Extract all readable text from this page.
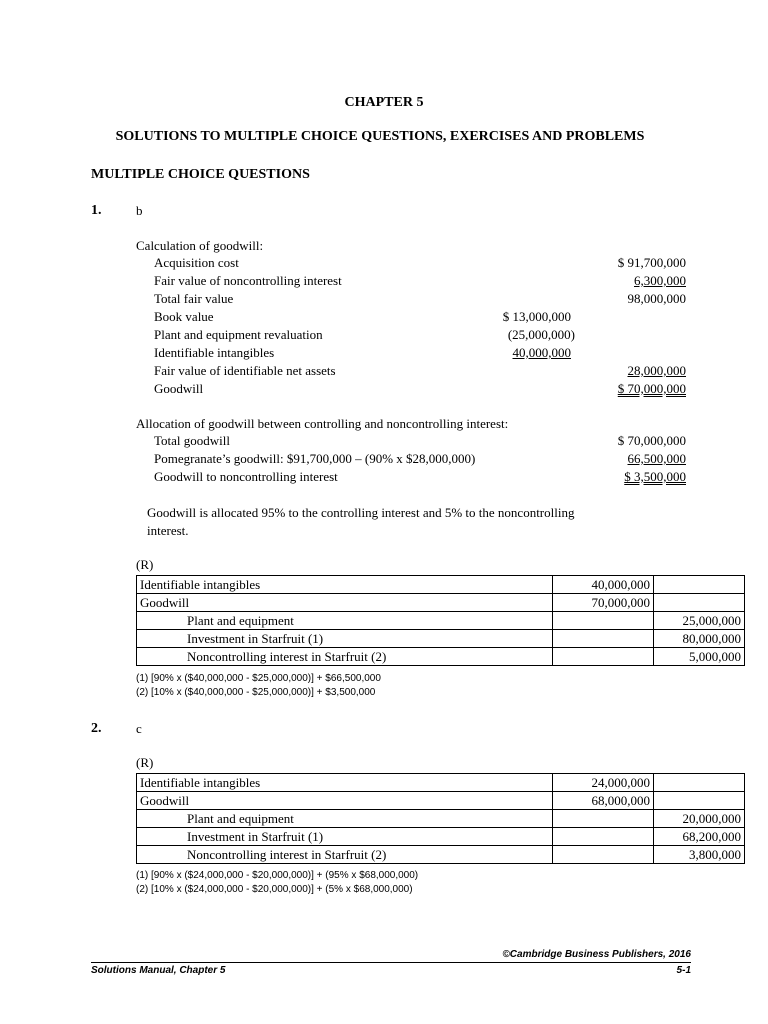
CHAPTER 5
SOLUTIONS TO MULTIPLE CHOICE QUESTIONS, EXERCISES AND PROBLEMS
MULTIPLE CHOICE QUESTIONS
1.	b
Calculation of goodwill:
Acquisition cost	$ 91,700,000
Fair value of noncontrolling interest	6,300,000
Total fair value	98,000,000
Book value	$ 13,000,000
Plant and equipment revaluation	(25,000,000)
Identifiable intangibles	40,000,000
Fair value of identifiable net assets	28,000,000
Goodwill	$ 70,000,000
Allocation of goodwill between controlling and noncontrolling interest:
Total goodwill	$ 70,000,000
Pomegranate’s goodwill: $91,700,000 – (90% x $28,000,000)	66,500,000
Goodwill to noncontrolling interest	$ 3,500,000
Goodwill is allocated 95% to the controlling interest and 5% to the noncontrolling
interest.
(R)
Identifiable intangibles	40,000,000	
Goodwill	70,000,000	
Plant and equipment		25,000,000
Investment in Starfruit (1)		80,000,000
Noncontrolling interest in Starfruit (2)		5,000,000
(1) [90% x ($40,000,000 - $25,000,000)] + $66,500,000
(2) [10% x ($40,000,000 - $25,000,000)] + $3,500,000
2.	c
(R)
Identifiable intangibles	24,000,000	
Goodwill	68,000,000	
Plant and equipment		20,000,000
Investment in Starfruit (1)		68,200,000
Noncontrolling interest in Starfruit (2)		3,800,000
(1) [90% x ($24,000,000 - $20,000,000)] + (95% x $68,000,000)
(2) [10% x ($24,000,000 - $20,000,000)] + (5% x $68,000,000)
©Cambridge Business Publishers, 2016
Solutions Manual, Chapter 5	5-1
